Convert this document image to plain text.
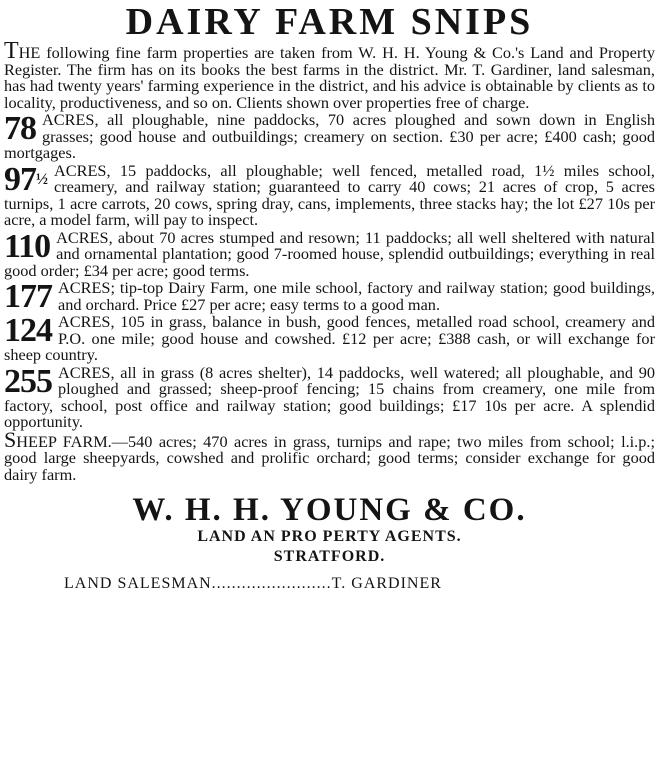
DAIRY FARM SNIPS

THE following fine farm properties are taken from W. H. H. Young & Co.'s Land and Property Register. The firm has on its books the best farms in the district. Mr. T. Gardiner, land salesman, has had twenty years' farming experience in the district, and his advice is obtainable by clients as to locality, productiveness, and so on. Clients shown over properties free of charge.

78 ACRES, all ploughable, nine paddocks, 70 acres ploughed and sown down in English grasses; good house and outbuildings; creamery on section. £30 per acre; £400 cash; good mortgages.

$97^{\frac{1}{2}}$ ACRES, 15 paddocks, all ploughable; well fenced, metalled road, 1½ miles school, creamery, and railway station; guaranteed to carry 40 cows; 21 acres of crop, 5 acres turnips, 1 acre carrots, 20 cows, spring dray, cans, implements, three stacks hay; the lot £27 10s per acre, a model farm, will pay to inspect.

110 ACRES, about 70 acres stumped and resown; 11 paddocks; all well sheltered with natural and ornamental plantation; good 7-roomed house, splendid outbuildings; everything in real good order; £34 per acre; good terms.

177 ACRES; tip-top Dairy Farm, one mile school, factory and railway station; good buildings, and orchard. Price £27 per acre; easy terms to a good man.

124 ACRES, 105 in grass, balance in bush, good fences, metalled road school, creamery and P.O. one mile; good house and cowshed. £12 per acre; £388 cash, or will exchange for sheep country.

255 ACRES, all in grass (8 acres shelter), 14 paddocks, well watered; all ploughable, and 90 ploughed and grassed; sheep-proof fencing; 15 chains from creamery, one mile from factory, school, post office and railway station; good buildings; £17 10s per acre. A splendid opportunity.

SHEEP FARM.—540 acres; 470 acres in grass, turnips and rape; two miles from school; l.i.p.; good large sheepyards, cowshed and prolific orchard; good terms; consider exchange for good dairy farm.

W. H. H. YOUNG & CO.
LAND AN PRO PERTY AGENTS.
STRATFORD.
LAND SALESMAN........................T. GARDINER
